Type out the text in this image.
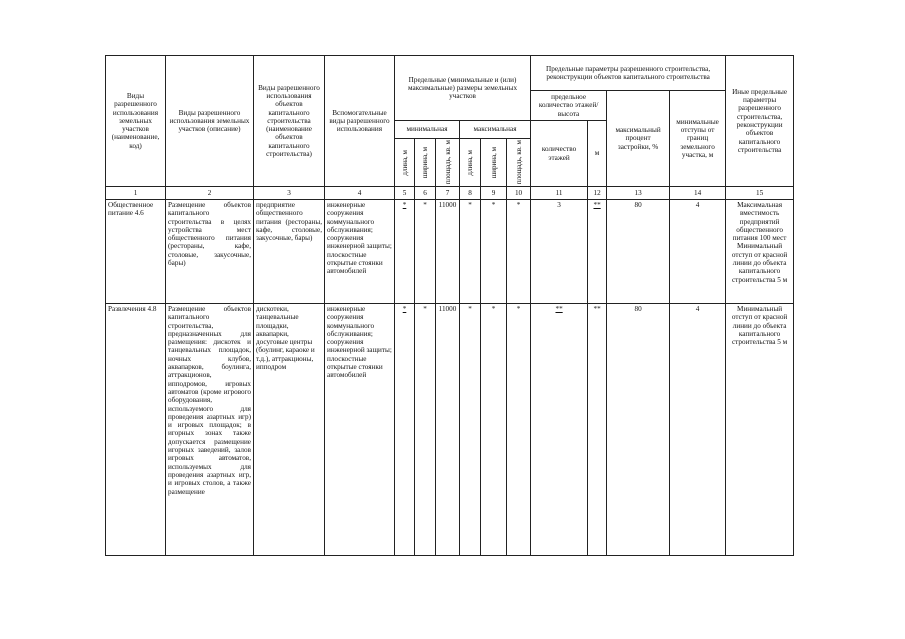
Виды разрешенного использования земельных участков (наименование, код)	Виды разрешенного использования земельных участков (описание)	Виды разрешенного использования объектов капитального строительства (наименование объектов капитального строительства)	Вспомогательные виды разрешенного использования	Предельные (минимальные и (или) максимальные) размеры земельных участков						Предельные параметры разрешенного строительства, реконструкции объектов капитального строительства				Иные предельные параметры разрешенного строительства, реконструкции объектов капитального строительства
										предельное количество этажей/высота		максимальный процент застройки, %	минимальные отступы от границ земельного участка, м	
				минимальная			максимальная			количество этажей	м			

				длина, м	ширина, м	площадь, кв. м	длина, м	ширина, м	площадь, кв. м					

1	2	3	4	5	6	7	8	9	10	11	12	13	14	15
Общественное питание 4.6	Размещение объектов капитального строительства в целях устройства мест общественного питания (рестораны, кафе, столовые, закусочные, бары)	предприятие общественного питания (рестораны, кафе, столовые, закусочные, бары)	инженерные сооружения коммунального обслуживания; сооружения инженерной защиты; плоскостные открытые стоянки автомобилей	*	*	11000	*	*	*	3	**	80	4	Максимальная вместимость предприятий общественного питания 100 мест Минимальный отступ от красной линии до объекта капитального строительства 5 м
Развлечения 4.8	Размещение объектов капитального строительства, предназначенных для размещения: дискотек и танцевальных площадок, ночных клубов, аквапарков, боулинга, аттракционов, ипподромов, игровых автоматов (кроме игрового оборудования, используемого для проведения азартных игр) и игровых площадок; в игорных зонах также допускается размещение игорных заведений, залов игровых автоматов, используемых для проведения азартных игр, и игровых столов, а также размещение	дискотеки, танцевальные площадки, аквапарки, досуговые центры (боулинг, караоке и т.д.), аттракционы, ипподром	инженерные сооружения коммунального обслуживания; сооружения инженерной защиты; плоскостные открытые стоянки автомобилей	*	*	11000	*	*	*	**	**	80	4	Минимальный отступ от красной линии до объекта капитального строительства 5 м
